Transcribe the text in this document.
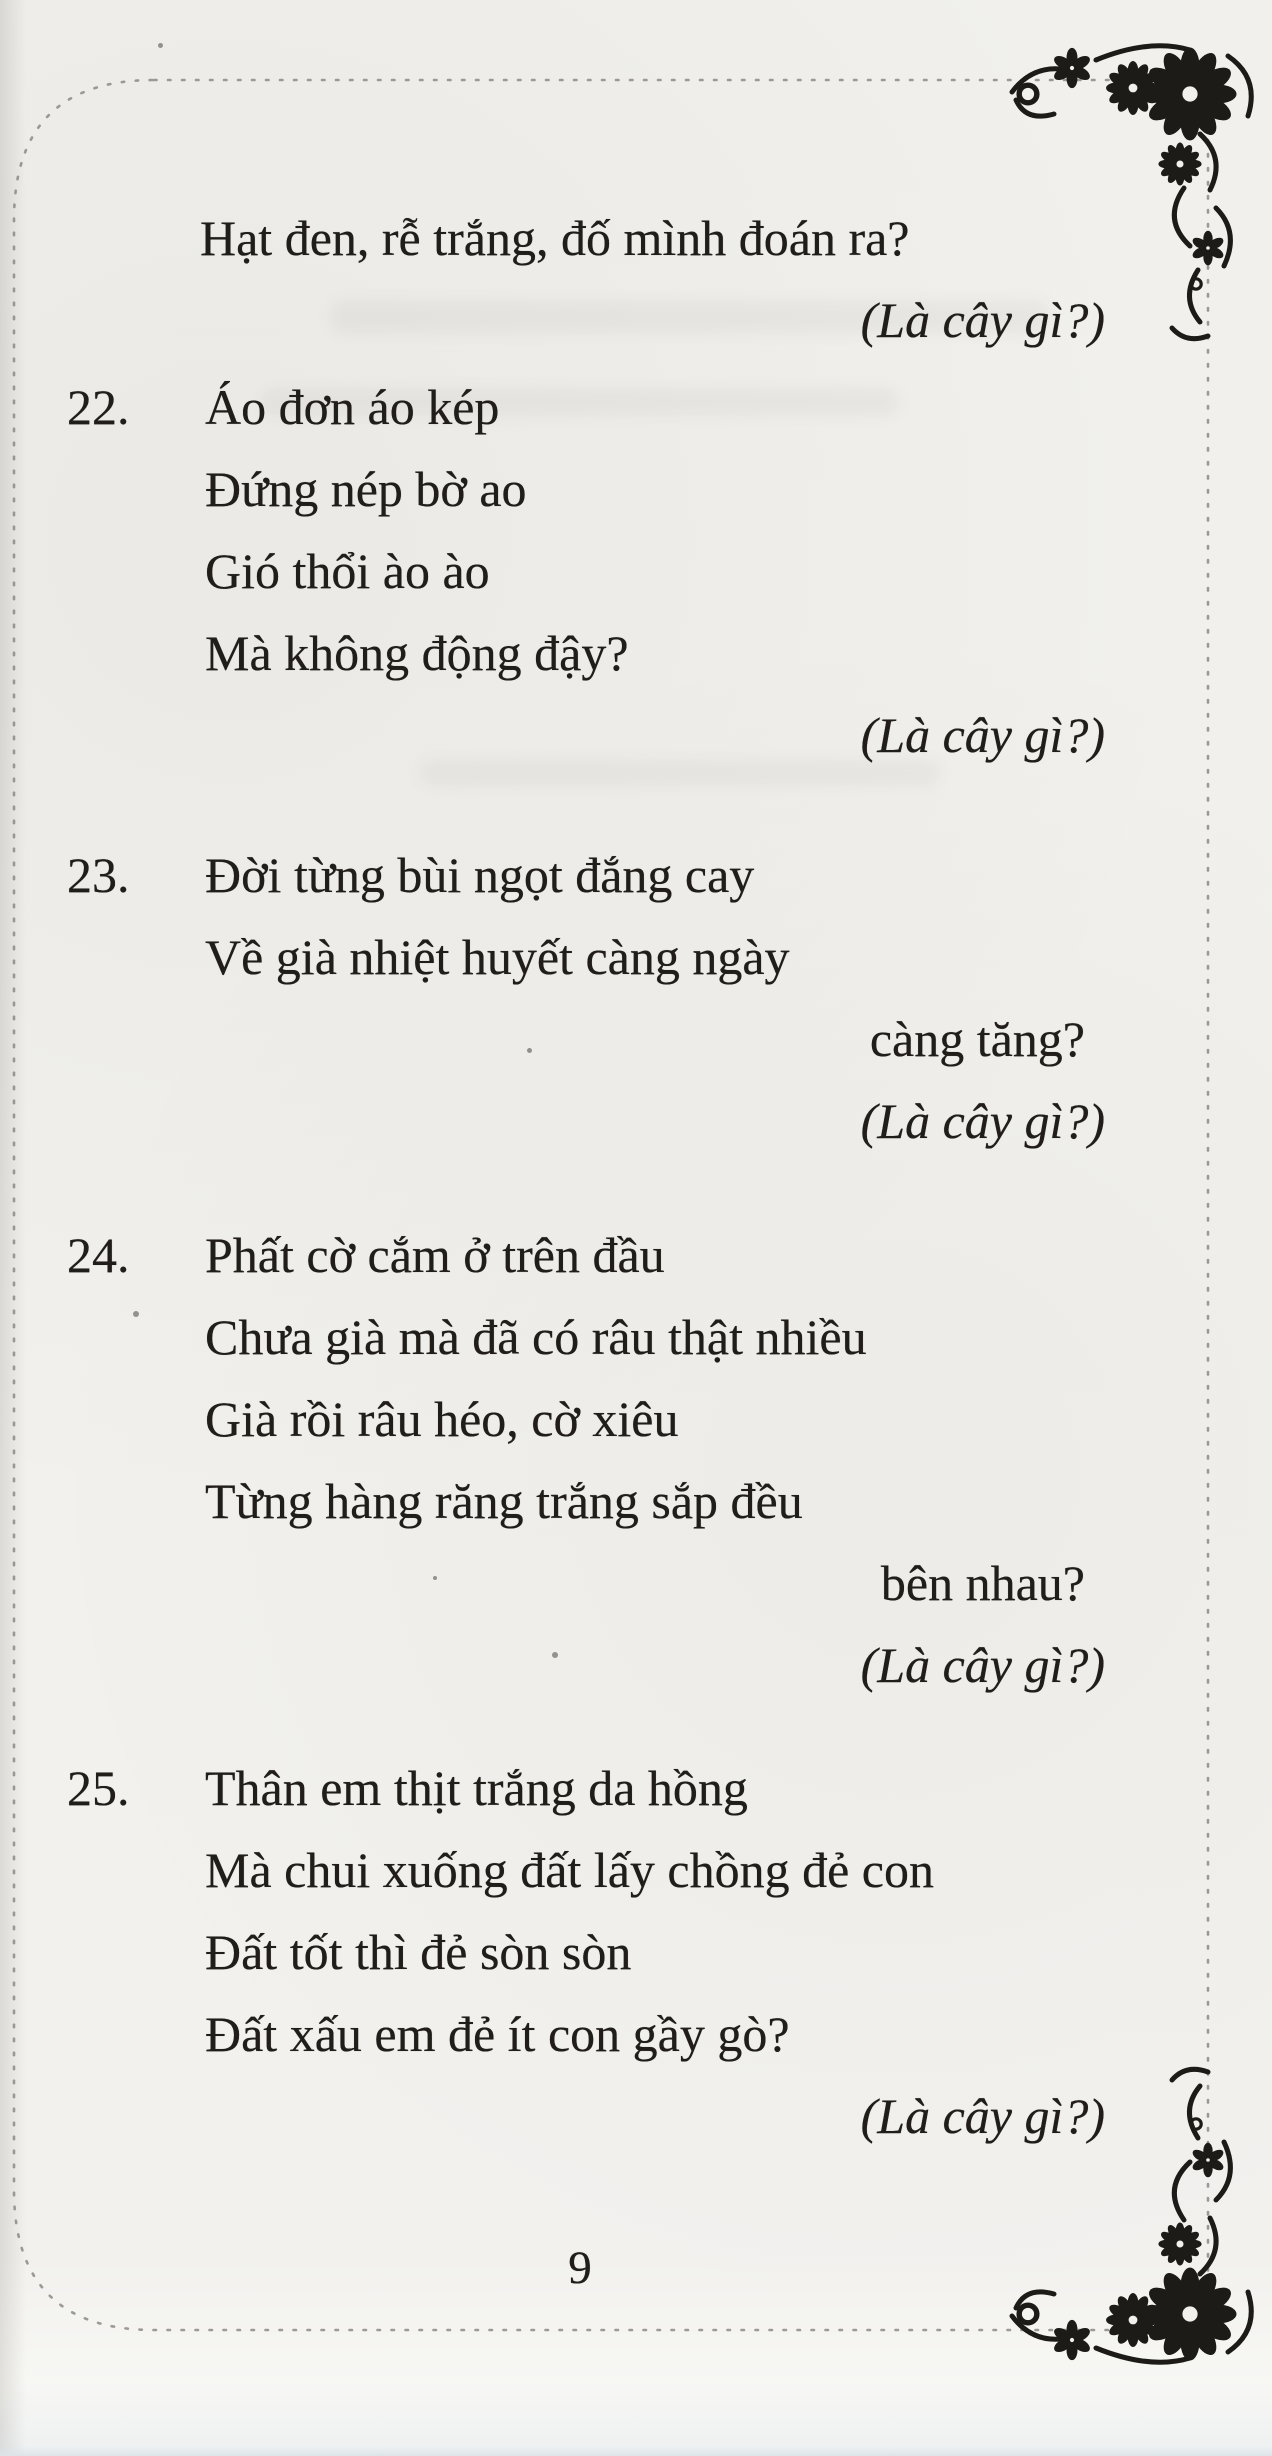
Hạt đen, rễ trắng, đố mình đoán ra?
(Là cây gì?)
22. Áo đơn áo kép
Đứng nép bờ ao
Gió thổi ào ào
Mà không động đậy?
(Là cây gì?)
23. Đời từng bùi ngọt đắng cay
Về già nhiệt huyết càng ngày
càng tăng?
(Là cây gì?)
24. Phất cờ cắm ở trên đầu
Chưa già mà đã có râu thật nhiều
Già rồi râu héo, cờ xiêu
Từng hàng răng trắng sắp đều
bên nhau?
(Là cây gì?)
25. Thân em thịt trắng da hồng
Mà chui xuống đất lấy chồng đẻ con
Đất tốt thì đẻ sòn sòn
Đất xấu em đẻ ít con gầy gò?
(Là cây gì?)
9
